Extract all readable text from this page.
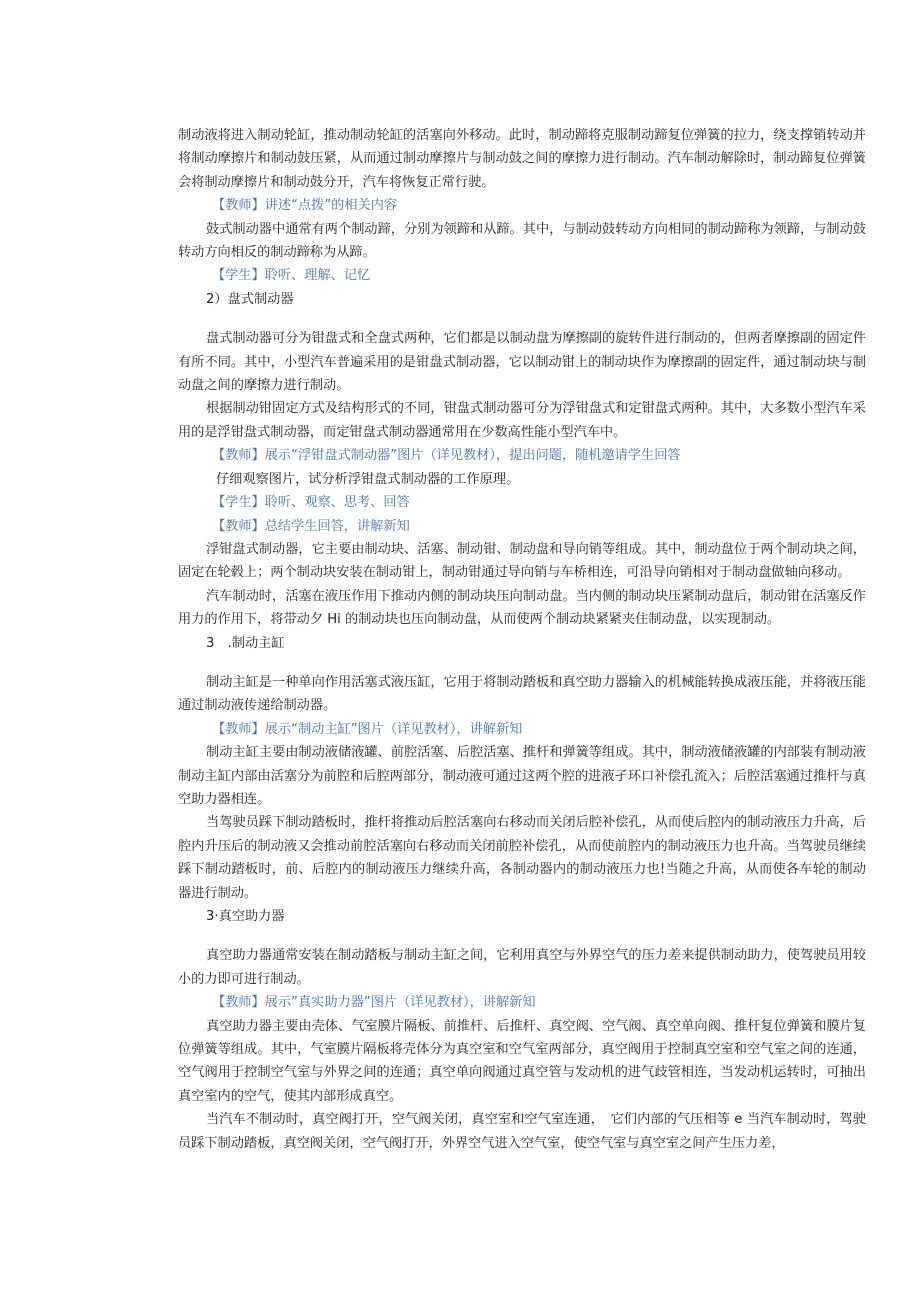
制动液将进入制动轮缸，推动制动轮缸的活塞向外移动。此时，制动蹄将克服制动蹄复位弹簧的拉力，绕支撑销转动并将制动摩擦片和制动鼓压紧，从而通过制动摩擦片与制动鼓之间的摩擦力进行制动。汽车制动解除时，制动蹄复位弹簧会将制动摩擦片和制动鼓分开，汽车将恢复正常行驶。

【教师】讲述“点拨”的相关内容

鼓式制动器中通常有两个制动蹄，分别为领蹄和从蹄。其中，与制动鼓转动方向相同的制动蹄称为领蹄，与制动鼓转动方向相反的制动蹄称为从蹄。

【学生】聆听、理解、记忆

2）盘式制动器

盘式制动器可分为钳盘式和全盘式两种，它们都是以制动盘为摩擦副的旋转件进行制动的，但两者摩擦副的固定件有所不同。其中，小型汽车普遍采用的是钳盘式制动器，它以制动钳上的制动块作为摩擦副的固定件，通过制动块与制动盘之间的摩擦力进行制动。

根据制动钳固定方式及结构形式的不同，钳盘式制动器可分为浮钳盘式和定钳盘式两种。其中，大多数小型汽车采用的是浮钳盘式制动器，而定钳盘式制动器通常用在少数高性能小型汽车中。

【教师】展示“浮钳盘式制动器”图片（详见教材），提出问题，随机邀请学生回答

仔细观察图片，试分析浮钳盘式制动器的工作原理。

【学生】聆听、观察、思考、回答

【教师】总结学生回答，讲解新知

浮钳盘式制动器，它主要由制动块、活塞、制动钳、制动盘和导向销等组成。其中，制动盘位于两个制动块之间，固定在轮毂上；两个制动块安装在制动钳上，制动钳通过导向销与车桥相连，可沿导向销相对于制动盘做轴向移动。

汽车制动时，活塞在液压作用下推动内侧的制动块压向制动盘。当内侧的制动块压紧制动盘后，制动钳在活塞反作用力的作用下，将带动夕 Hi 的制动块也压向制动盘，从而使两个制动块紧紧夹住制动盘，以实现制动。

3　.制动主缸

制动主缸是一种单向作用活塞式液压缸，它用于将制动踏板和真空助力器输入的机械能转换成液压能，并将液压能通过制动液传递给制动器。

【教师】展示“制动主缸”图片（详见教材），讲解新知

制动主缸主要由制动液储液罐、前腔活塞、后腔活塞、推杆和弹簧等组成。其中，制动液储液罐的内部装有制动液制动主缸内部由活塞分为前腔和后腔两部分，制动液可通过这两个腔的进液孑环口补偿孔流入；后腔活塞通过推杆与真空助力器相连。

当驾驶员踩下制动踏板时，推杆将推动后腔活塞向右移动而关闭后腔补偿孔，从而使后腔内的制动液压力升高，后腔内升压后的制动液又会推动前腔活塞向右移动而关闭前腔补偿孔，从而使前腔内的制动液压力也升高。当驾驶员继续踩下制动踏板时，前、后腔内的制动液压力继续升高，各制动器内的制动液压力也!当随之升高，从而使各车轮的制动器进行制动。

3·真空助力器

真空助力器通常安装在制动踏板与制动主缸之间，它利用真空与外界空气的压力差来提供制动助力，使驾驶员用较小的力即可进行制动。

【教师】展示”真实助力器”图片（详见教材），讲解新知

真空助力器主要由壳体、气室膜片隔板、前推杆、后推杆、真空阀、空气阀、真空单向阀、推杆复位弹簧和膜片复位弹簧等组成。其中，气室膜片隔板将壳体分为真空室和空气室两部分，真空阀用于控制真空室和空气室之间的连通，空气阀用于控制空气室与外界之间的连通；真空单向阀通过真空管与发动机的进气歧管相连，当发动机运转时，可抽出真空室内的空气，使其内部形成真空。

当汽车不制动时，真空阀打开，空气阀关闭，真空室和空气室连通，　它们内部的气压相等 e 当汽车制动时，驾驶员踩下制动踏板，真空阀关闭，空气阀打开，外界空气进入空气室，使空气室与真空室之间产生压力差，
